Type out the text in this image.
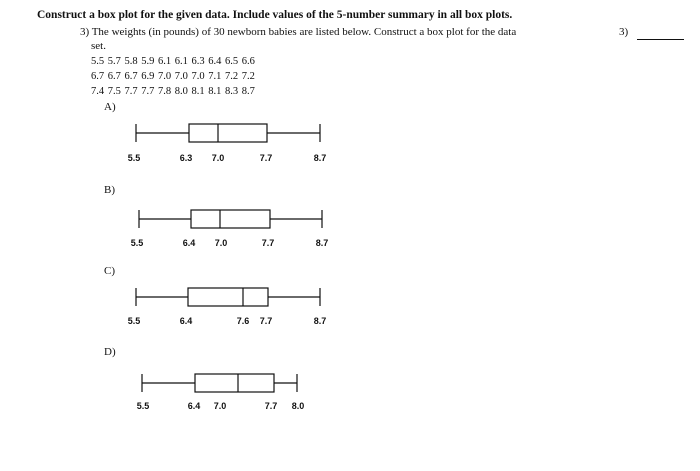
Construct a box plot for the given data. Include values of the 5-number summary in all box plots.
3) The weights (in pounds) of 30 newborn babies are listed below. Construct a box plot for the data
set.
3)
5.5 5.7 5.8 5.9 6.1 6.1 6.3 6.4 6.5 6.6
6.7 6.7 6.7 6.9 7.0 7.0 7.0 7.1 7.2 7.2
7.4 7.5 7.7 7.7 7.8 8.0 8.1 8.1 8.3 8.7
A)
B)
C)
D)
5.5	6.3 7.0	7.7	8.7
5.5	6.4 7.0	7.7	8.7
5.5	6.4	7.6 7.7	8.7
5.5	6.4 7.0	7.7 8.0
